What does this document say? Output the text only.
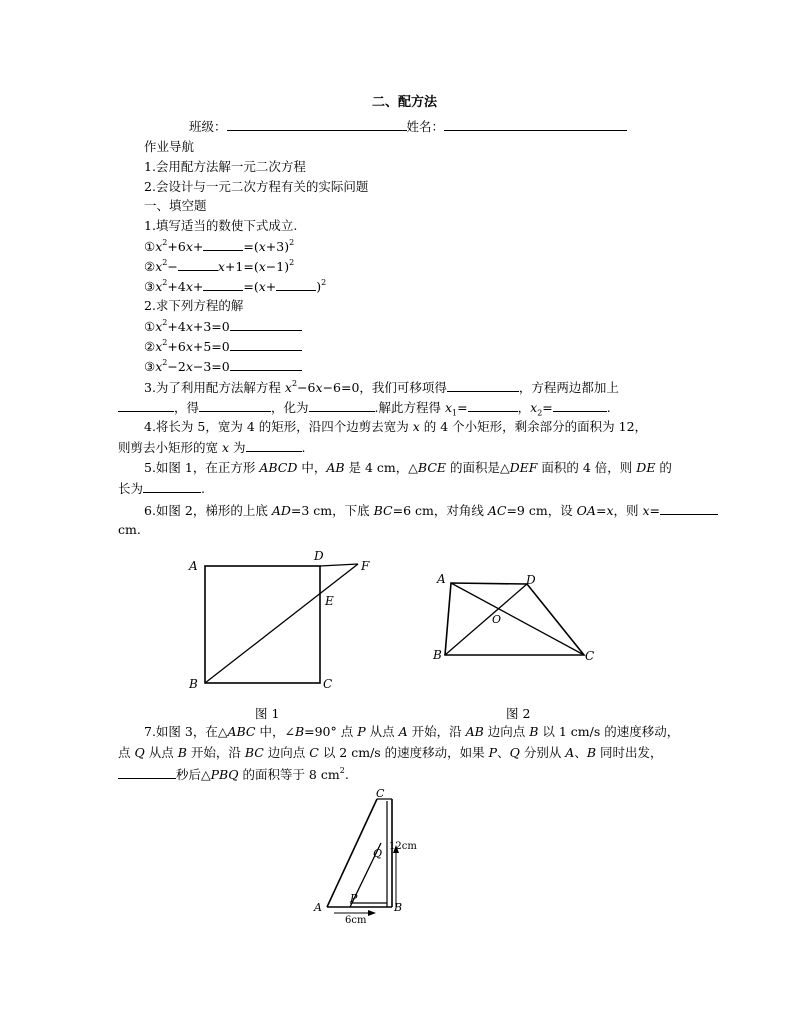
二、配方法
班级：	姓名：
作业导航
1.会用配方法解一元二次方程
2.会设计与一元二次方程有关的实际问题
一、填空题
1.填写适当的数使下式成立.
$①x^2+6x+$	$=(x+3)^2$
$②x^2-$	$x+1=(x-1)^2$
$③x^2+4x+$	=(x+	)$^2$
2.求下列方程的解
$①x^2+4x+3=0$
$②x^2+6x+5=0$
$③x^2-2x-3=0$
3.为了利用配方法解方程 $x^2-6x-6=0$，我们可移项得	，方程两边都加上
，得	，化为	.解此方程得 $x_1=$	，$x_2=$	.
4.将长为 5，宽为 4 的矩形，沿四个边剪去宽为 x 的 4 个小矩形，剩余部分的面积为 12，
则剪去小矩形的宽 x 为	.
5.如图 1，在正方形 ABCD 中，AB 是 4 cm，△BCE 的面积是△DEF 面积的 4 倍，则 DE 的
长为	.
6.如图 2，梯形的上底 AD=3 cm，下底 BC=6 cm，对角线 AC=9 cm，设 OA=x，则 x=
cm.
A
B	C
D
E
F
图 1
A
B	C
D
O
图 2
7.如图 3，在△ABC 中，∠B=90° 点 P 从点 A 开始，沿 AB 边向点 B 以 1 cm/s 的速度移动，
点 Q 从点 B 开始，沿 BC 边向点 C 以 2 cm/s 的速度移动，如果 P、Q 分别从 A、B 同时出发，
秒后△PBQ 的面积等于 8 $cm^2$.
C
A	B
P
Q
12cm
6cm
